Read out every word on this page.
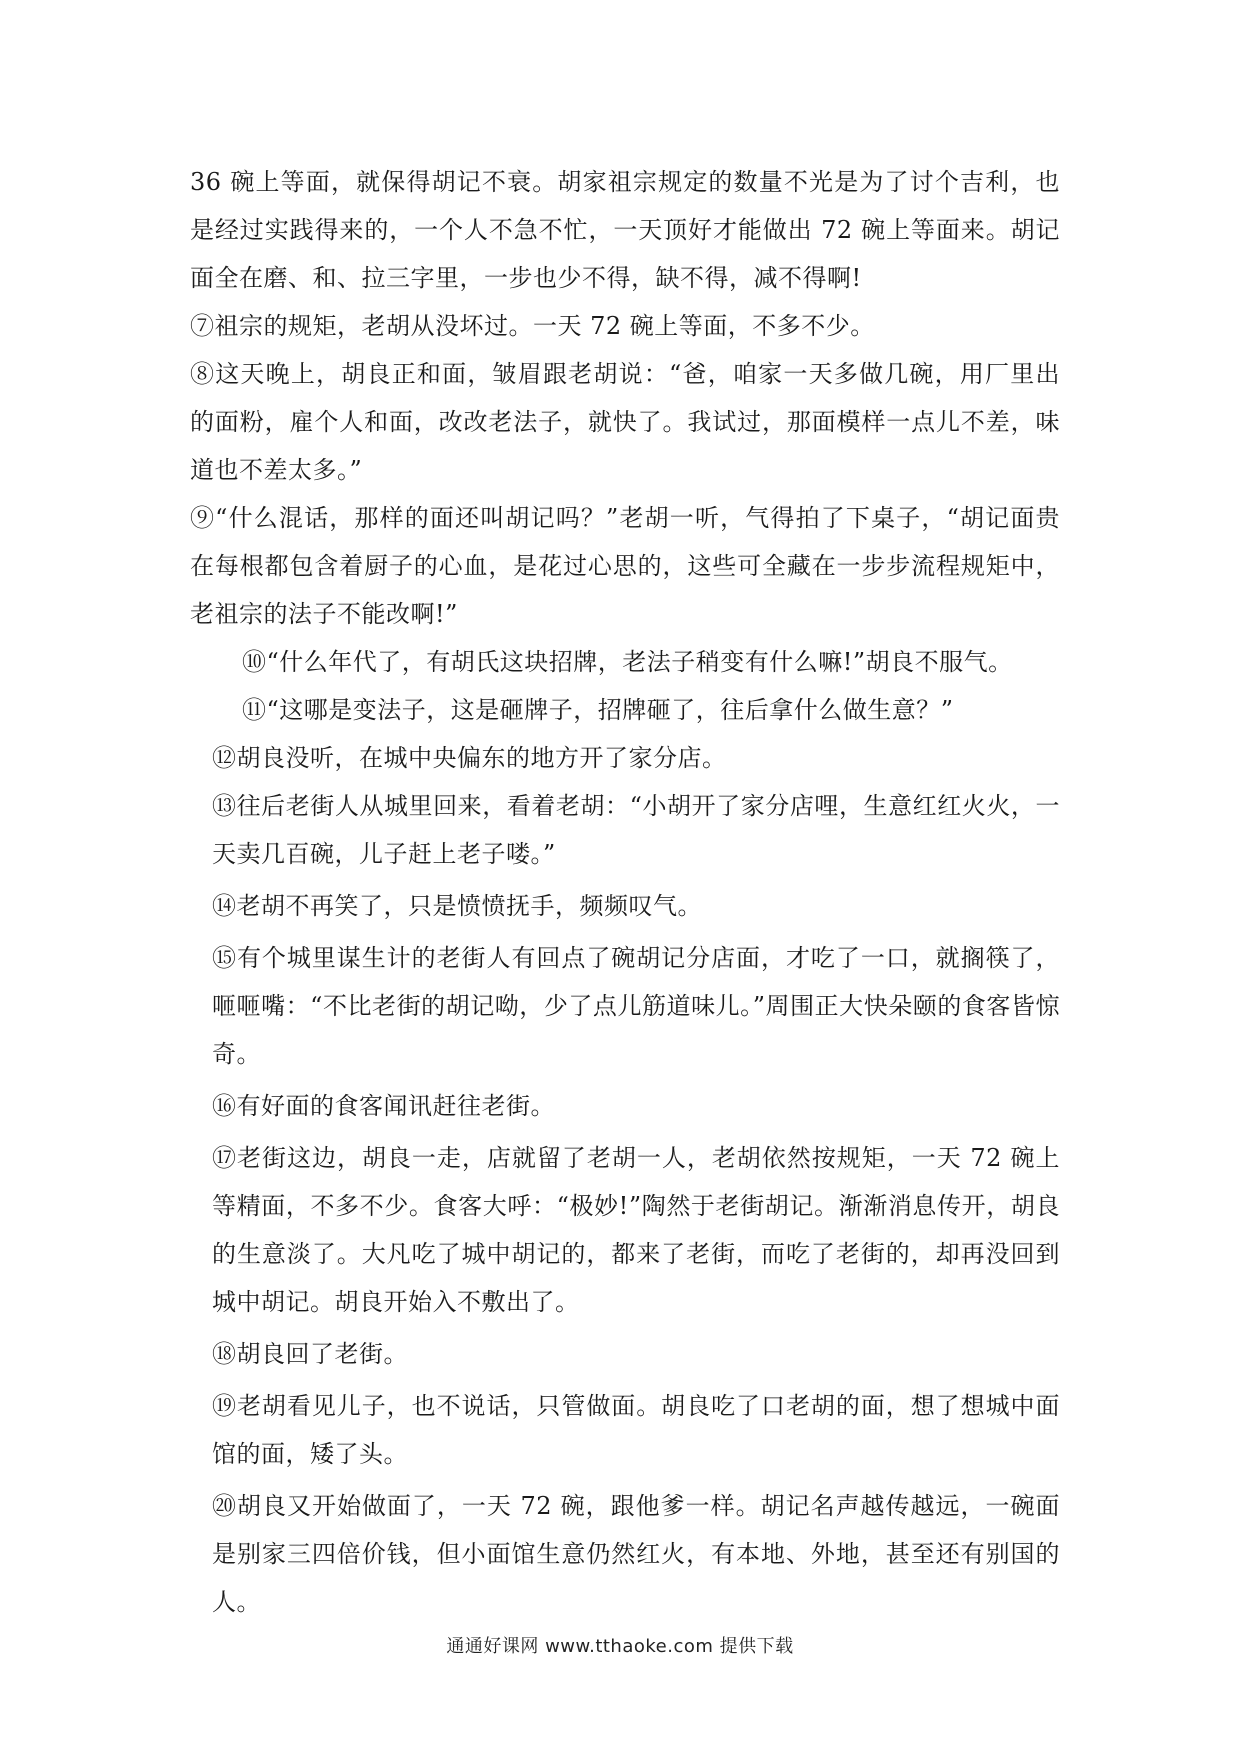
36 碗上等面，就保得胡记不衰。胡家祖宗规定的数量不光是为了讨个吉利，也是经过实践得来的，一个人不急不忙，一天顶好才能做出 72 碗上等面来。胡记面全在磨、和、拉三字里，一步也少不得，缺不得，减不得啊!

⑦祖宗的规矩，老胡从没坏过。一天 72 碗上等面，不多不少。

⑧这天晚上，胡良正和面，皱眉跟老胡说：“爸，咱家一天多做几碗，用厂里出的面粉，雇个人和面，改改老法子，就快了。我试过，那面模样一点儿不差，味道也不差太多。”

⑨“什么混话，那样的面还叫胡记吗？”老胡一听，气得拍了下桌子，“胡记面贵在每根都包含着厨子的心血，是花过心思的，这些可全藏在一步步流程规矩中，老祖宗的法子不能改啊!”

⑩“什么年代了，有胡氏这块招牌，老法子稍变有什么嘛!”胡良不服气。

⑪“这哪是变法子，这是砸牌子，招牌砸了，往后拿什么做生意？”

⑫胡良没听，在城中央偏东的地方开了家分店。

⑬往后老街人从城里回来，看着老胡：“小胡开了家分店哩，生意红红火火，一天卖几百碗，儿子赶上老子喽。”

⑭老胡不再笑了，只是愤愤抚手，频频叹气。

⑮有个城里谋生计的老街人有回点了碗胡记分店面，才吃了一口，就搁筷了，咂咂嘴：“不比老街的胡记呦，少了点儿筋道味儿。”周围正大快朵颐的食客皆惊奇。

⑯有好面的食客闻讯赶往老街。

⑰老街这边，胡良一走，店就留了老胡一人，老胡依然按规矩，一天 72 碗上等精面，不多不少。食客大呼：“极妙!”陶然于老街胡记。渐渐消息传开，胡良的生意淡了。大凡吃了城中胡记的，都来了老街，而吃了老街的，却再没回到城中胡记。胡良开始入不敷出了。

⑱胡良回了老街。

⑲老胡看见儿子，也不说话，只管做面。胡良吃了口老胡的面，想了想城中面馆的面，矮了头。

⑳胡良又开始做面了，一天 72 碗，跟他爹一样。胡记名声越传越远，一碗面是别家三四倍价钱，但小面馆生意仍然红火，有本地、外地，甚至还有别国的人。

通通好课网 www.tthaoke.com 提供下载
